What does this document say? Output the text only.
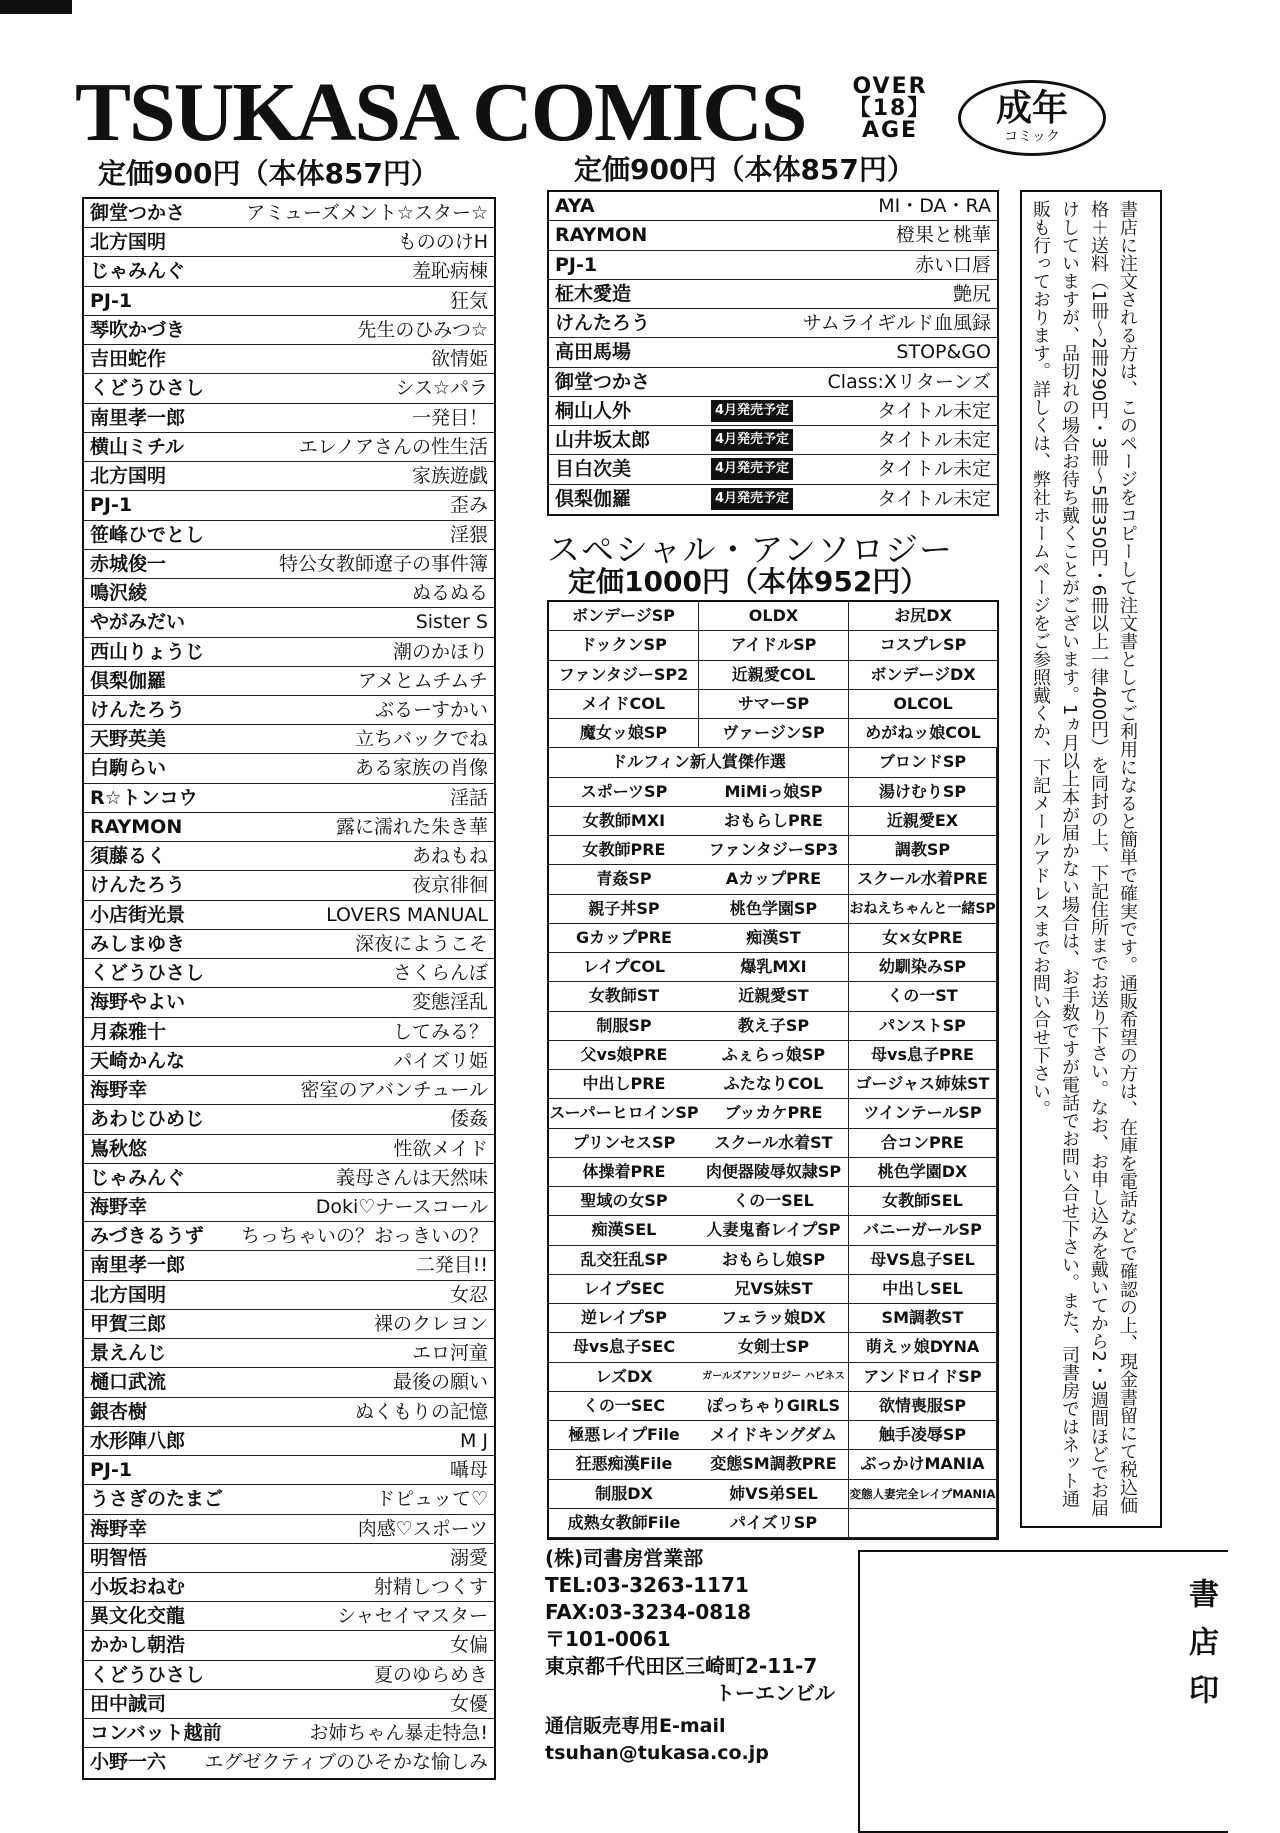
TSUKASA COMICS	OVER
【18】
AGE
成年
コミック
定価900円（本体857円）	定価900円（本体857円）
御堂つかさ	アミューズメント☆スター☆
北方国明	もののけH
じゃみんぐ	羞恥病棟
PJ-1	狂気
琴吹かづき	先生のひみつ☆
吉田蛇作	欲情姫
くどうひさし	シス☆パラ
南里孝一郎	一発目！
横山ミチル	エレノアさんの性生活
北方国明	家族遊戯
PJ-1	歪み
笹峰ひでとし	淫猥
赤城俊一	特公女教師遼子の事件簿
鳴沢綾	ぬるぬる
やがみだい	Sister S
西山りょうじ	潮のかほり
倶梨伽羅	アメとムチムチ
けんたろう	ぶるーすかい
天野英美	立ちバックでね
白駒らい	ある家族の肖像
R☆トンコウ	淫話
RAYMON	露に濡れた朱き華
須藤るく	あねもね
けんたろう	夜京徘徊
小店街光景	LOVERS MANUAL
みしまゆき	深夜にようこそ
くどうひさし	さくらんぼ
海野やよい	変態淫乱
月森雅十	してみる？
天崎かんな	パイズリ姫
海野幸	密室のアバンチュール
あわじひめじ	倭姦
嶌秋悠	性欲メイド
じゃみんぐ	義母さんは天然味
海野幸	Doki♡ナースコール
みづきるうず ちっちゃいの？おっきいの？
南里孝一郎	二発目!!
北方国明	女忍
甲賀三郎	裸のクレヨン
景えんじ	エロ河童
樋口武流	最後の願い
銀杏樹	ぬくもりの記憶
水形陣八郎	M J
PJ-1	囁母
うさぎのたまご	ドピュッて♡
海野幸	肉感♡スポーツ
明智悟	溺愛
小坂おねむ	射精しつくす
異文化交龍	シャセイマスター
かかし朝浩	女偏
くどうひさし	夏のゆらめき
田中誠司	女優
コンバット越前	お姉ちゃん暴走特急!
小野一六 エグゼクティブのひそかな愉しみ
AYA	MI・DA・RA
RAYMON	橙果と桃華
PJ-1	赤い口唇
柾木愛造	艶尻
けんたろう	サムライギルド血風録
高田馬場	STOP&GO
御堂つかさ	Class:Xリターンズ
桐山人外	4月発売予定	タイトル未定
山井坂太郎	4月発売予定	タイトル未定
目白次美	4月発売予定	タイトル未定
倶梨伽羅	4月発売予定	タイトル未定
スペシャル・アンソロジー
定価1000円（本体952円）
ボンデージSP	OLDX	お尻DX
ドックンSP	アイドルSP	コスプレSP
ファンタジーSP2	近親愛COL	ボンデージDX
メイドCOL	サマーSP	OLCOL
魔女ッ娘SP	ヴァージンSP	めがねッ娘COL
ドルフィン新人賞傑作選	ブロンドSP
スポーツSP	MiMiっ娘SP	湯けむりSP
女教師MXI	おもらしPRE	近親愛EX
女教師PRE	ファンタジーSP3	調教SP
青姦SP	AカップPRE	スクール水着PRE
親子丼SP	桃色学園SP	おねえちゃんと一緒SP
GカップPRE	痴漢ST	女×女PRE
レイプCOL	爆乳MXI	幼馴染みSP
女教師ST	近親愛ST	くの一ST
制服SP	教え子SP	パンストSP
父vs娘PRE	ふぇらっ娘SP	母vs息子PRE
中出しPRE	ふたなりCOL	ゴージャス姉妹ST
スーパーヒロインSP	ブッカケPRE	ツインテールSP
プリンセスSP	スクール水着ST	合コンPRE
体操着PRE	肉便器陵辱奴隷SP	桃色学園DX
聖域の女SP	くの一SEL	女教師SEL
痴漢SEL	人妻鬼畜レイプSP	バニーガールSP
乱交狂乱SP	おもらし娘SP	母VS息子SEL
レイプSEC	兄VS妹ST	中出しSEL
逆レイプSP	フェラッ娘DX	SM調教ST
母vs息子SEC	女剣士SP	萌えッ娘DYNA
レズDX	ガールズアンソロジー ハピネス	アンドロイドSP
くの一SEC	ぽっちゃりGIRLS	欲情喪服SP
極悪レイプFile	メイドキングダム	触手凌辱SP
狂悪痴漢File	変態SM調教PRE	ぶっかけMANIA
制服DX	姉VS弟SEL	変態人妻完全レイプMANIA
成熟女教師File	パイズリSP
書店に注文される方は、このページをコピーして注文書としてご利用になると簡単で確実です。通販希望の方は、在庫を電話などで確認の上、現金書留にて税込価格＋送料（1冊〜2冊290円・3冊〜5冊350円・6冊以上一律400円）を同封の上、下記住所までお送り下さい。なお、お申し込みを戴いてから2・3週間ほどでお届けしていますが、品切れの場合お待ち戴くことがございます。1ヵ月以上本が届かない場合は、お手数ですが電話でお問い合せ下さい。また、司書房ではネット通販も行っております。詳しくは、弊社ホームページをご参照戴くか、下記メールアドレスまでお問い合せ下さい。
(株)司書房営業部
TEL:03-3263-1171
FAX:03-3234-0818
〒101-0061
東京都千代田区三崎町2-11-7
トーエンビル
通信販売専用E-mail
tsuhan@tukasa.co.jp
書店印
